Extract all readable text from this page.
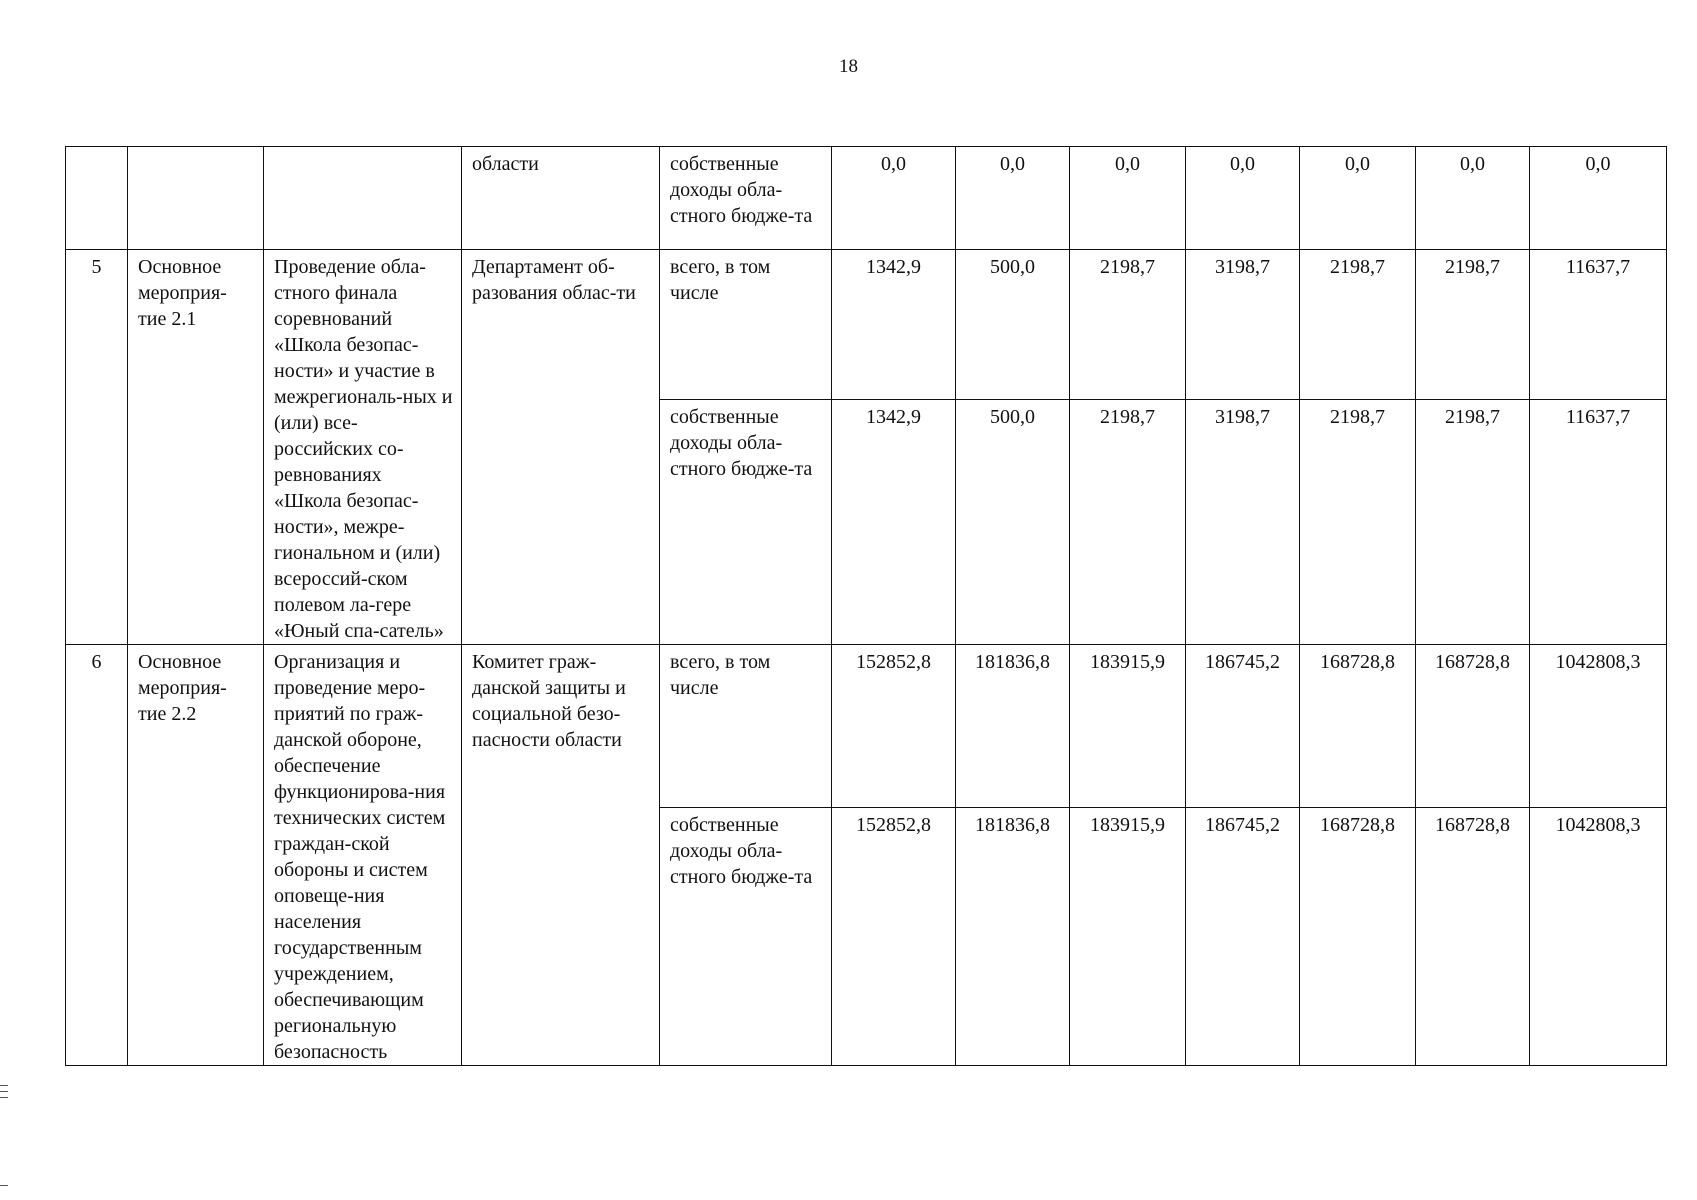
18
			области	собственные доходы обла-стного бюдже-та	0,0	0,0	0,0	0,0	0,0	0,0	0,0
5	Основное мероприя-тие 2.1	Проведение обла-стного финала соревнований «Школа безопас-ности» и участие в межрегиональ-ных и (или) все-российских со-ревнованиях «Школа безопас-ности», межре-гиональном и (или) всероссий-ском полевом ла-гере «Юный спа-сатель»	Департамент об-разования облас-ти	всего, в том числе	1342,9	500,0	2198,7	3198,7	2198,7	2198,7	11637,7
				собственные доходы обла-стного бюдже-та	1342,9	500,0	2198,7	3198,7	2198,7	2198,7	11637,7
6	Основное мероприя-тие 2.2	Организация и проведение меро-приятий по граж-данской обороне, обеспечение функционирова-ния технических систем граждан-ской обороны и систем оповеще-ния населения государственным учреждением, обеспечивающим региональную безопасность	Комитет граж-данской защиты и социальной безо-пасности области	всего, в том числе	152852,8	181836,8	183915,9	186745,2	168728,8	168728,8	1042808,3
				собственные доходы обла-стного бюдже-та	152852,8	181836,8	183915,9	186745,2	168728,8	168728,8	1042808,3
